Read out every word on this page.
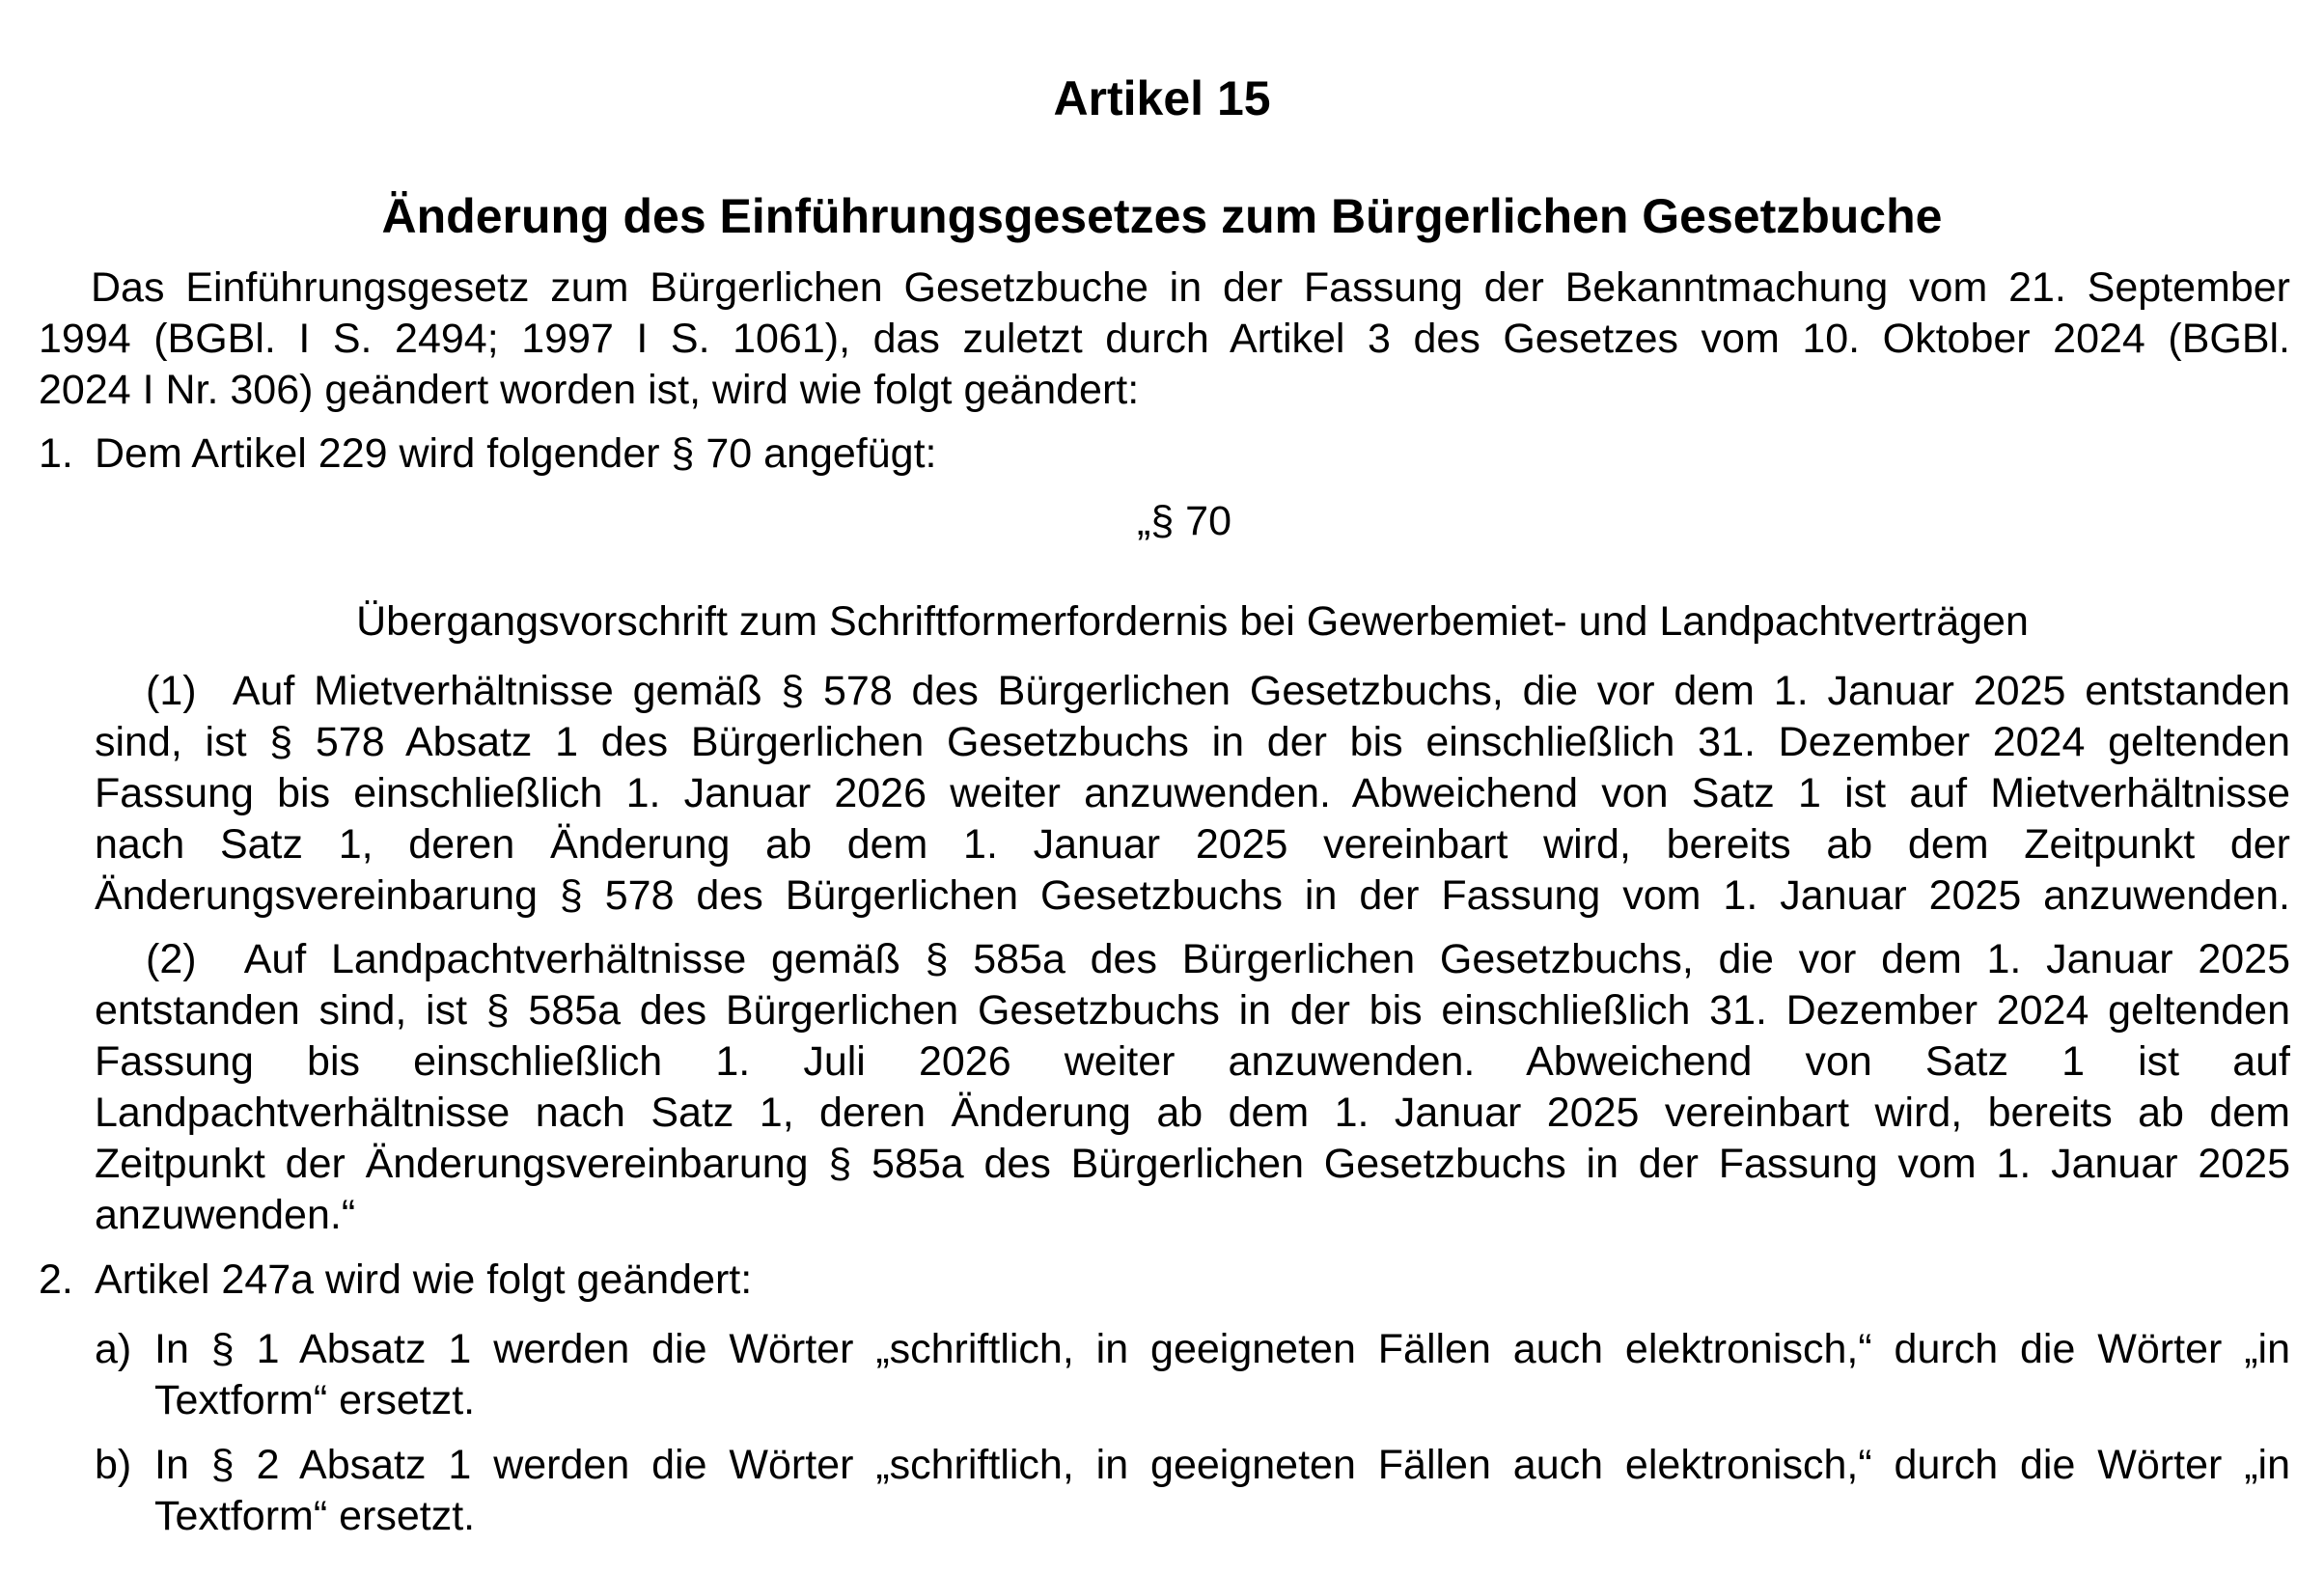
Artikel 15
Änderung des Einführungsgesetzes zum Bürgerlichen Gesetzbuche
Das Einführungsgesetz zum Bürgerlichen Gesetzbuche in der Fassung der Bekanntmachung vom 21. September
1994 (BGBl. I S. 2494; 1997 I S. 1061), das zuletzt durch Artikel 3 des Gesetzes vom 10. Oktober 2024 (BGBl.
2024 I Nr. 306) geändert worden ist, wird wie folgt geändert:
1. Dem Artikel 229 wird folgender § 70 angefügt:
„§ 70
Übergangsvorschrift zum Schriftformerfordernis bei Gewerbemiet- und Landpachtverträgen
(1) Auf Mietverhältnisse gemäß § 578 des Bürgerlichen Gesetzbuchs, die vor dem 1. Januar 2025 entstanden
sind, ist § 578 Absatz 1 des Bürgerlichen Gesetzbuchs in der bis einschließlich 31. Dezember 2024 geltenden
Fassung bis einschließlich 1. Januar 2026 weiter anzuwenden. Abweichend von Satz 1 ist auf Mietverhältnisse
nach Satz 1, deren Änderung ab dem 1. Januar 2025 vereinbart wird, bereits ab dem Zeitpunkt der
Änderungsvereinbarung § 578 des Bürgerlichen Gesetzbuchs in der Fassung vom 1. Januar 2025 anzuwenden.
(2) Auf Landpachtverhältnisse gemäß § 585a des Bürgerlichen Gesetzbuchs, die vor dem 1. Januar 2025
entstanden sind, ist § 585a des Bürgerlichen Gesetzbuchs in der bis einschließlich 31. Dezember 2024 geltenden
Fassung bis einschließlich 1. Juli 2026 weiter anzuwenden. Abweichend von Satz 1 ist auf
Landpachtverhältnisse nach Satz 1, deren Änderung ab dem 1. Januar 2025 vereinbart wird, bereits ab dem
Zeitpunkt der Änderungsvereinbarung § 585a des Bürgerlichen Gesetzbuchs in der Fassung vom 1. Januar 2025
anzuwenden.“
2. Artikel 247a wird wie folgt geändert:
a) In § 1 Absatz 1 werden die Wörter „schriftlich, in geeigneten Fällen auch elektronisch,“ durch die Wörter „in
Textform“ ersetzt.
b) In § 2 Absatz 1 werden die Wörter „schriftlich, in geeigneten Fällen auch elektronisch,“ durch die Wörter „in
Textform“ ersetzt.
